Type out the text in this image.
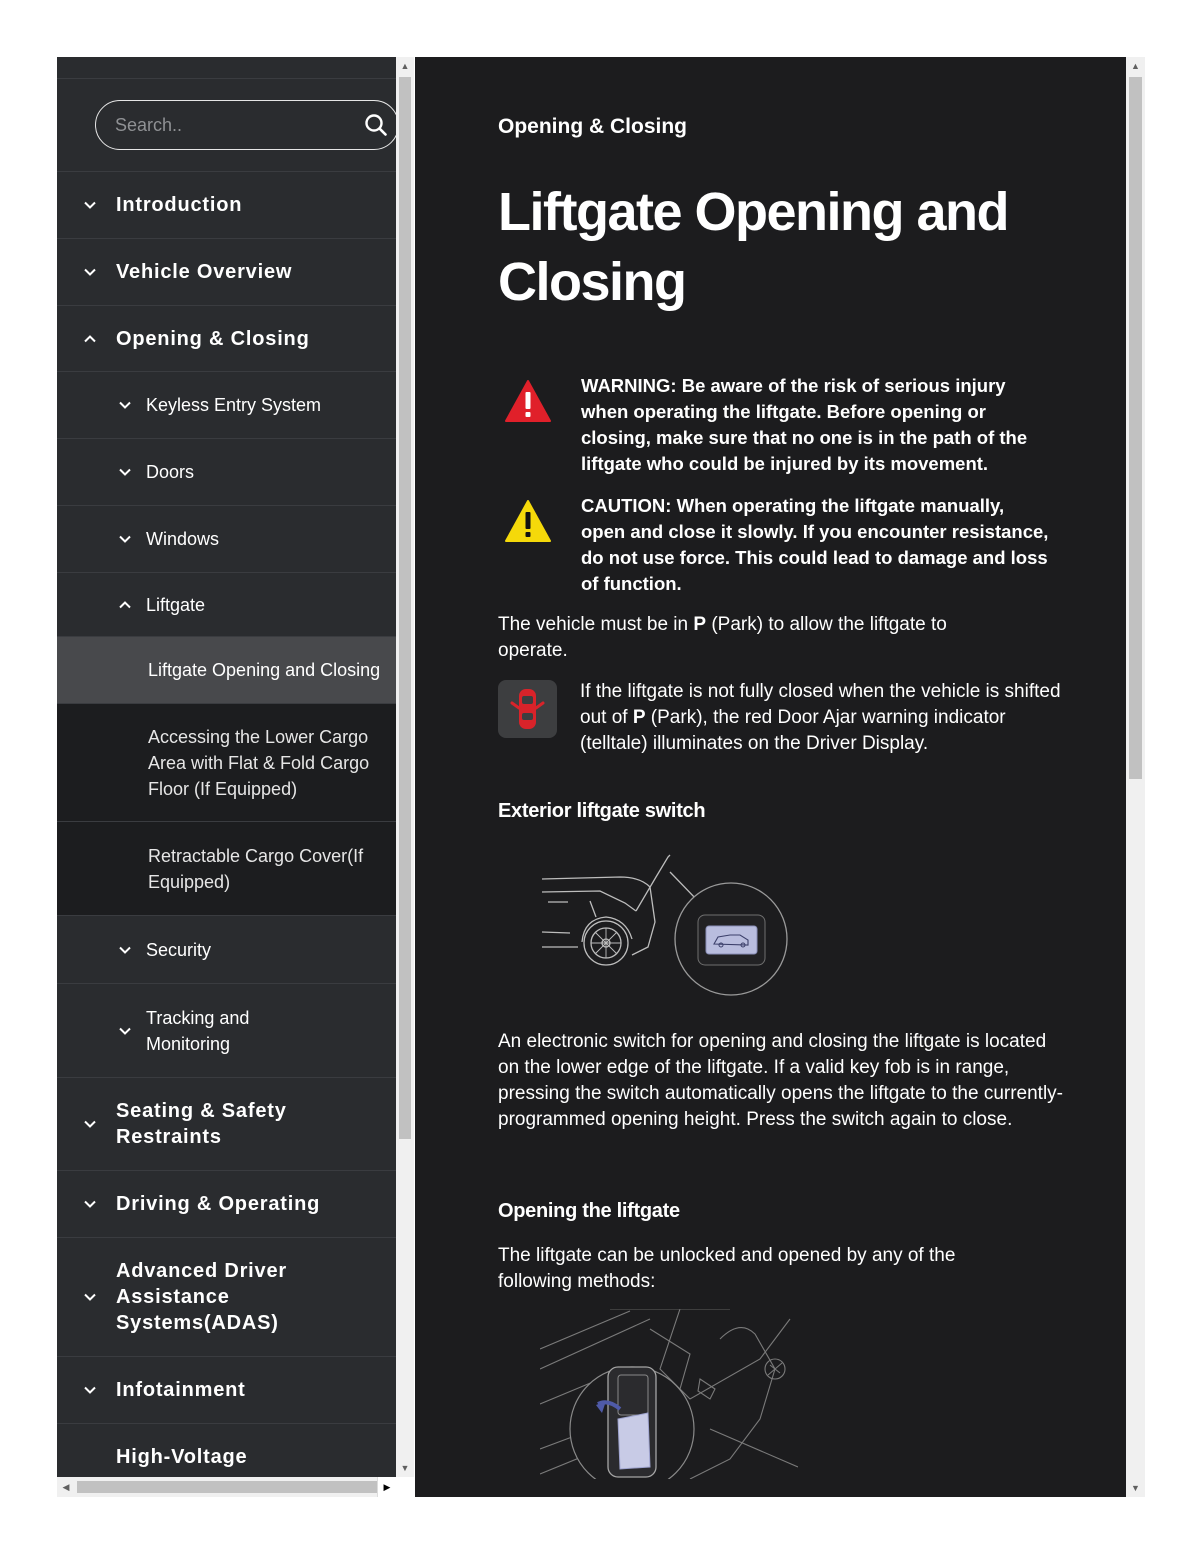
Search..
Introduction
Vehicle Overview
Opening & Closing
Keyless Entry System
Doors
Windows
Liftgate
Liftgate Opening and Closing
Accessing the Lower Cargo Area with Flat & Fold Cargo Floor (If Equipped)
Retractable Cargo Cover(If Equipped)
Security
Tracking and Monitoring
Seating & Safety Restraints
Driving & Operating
Advanced Driver Assistance Systems(ADAS)
Infotainment
High-Voltage
▲
▼
◀	▶
Opening & Closing
Liftgate Opening and Closing
WARNING: Be aware of the risk of serious injury when operating the liftgate. Before opening or closing, make sure that no one is in the path of the liftgate who could be injured by its movement.
CAUTION: When operating the liftgate manually, open and close it slowly. If you encounter resistance, do not use force. This could lead to damage and loss of function.

The vehicle must be in P (Park) to allow the liftgate to operate.

If the liftgate is not fully closed when the vehicle is shifted out of P (Park), the red Door Ajar warning indicator (telltale) illuminates on the Driver Display.

Exterior liftgate switch

An electronic switch for opening and closing the liftgate is located on the lower edge of the liftgate. If a valid key fob is in range, pressing the switch automatically opens the liftgate to the currently-programmed opening height. Press the switch again to close.

Opening the liftgate

The liftgate can be unlocked and opened by any of the following methods:

▲
▼
